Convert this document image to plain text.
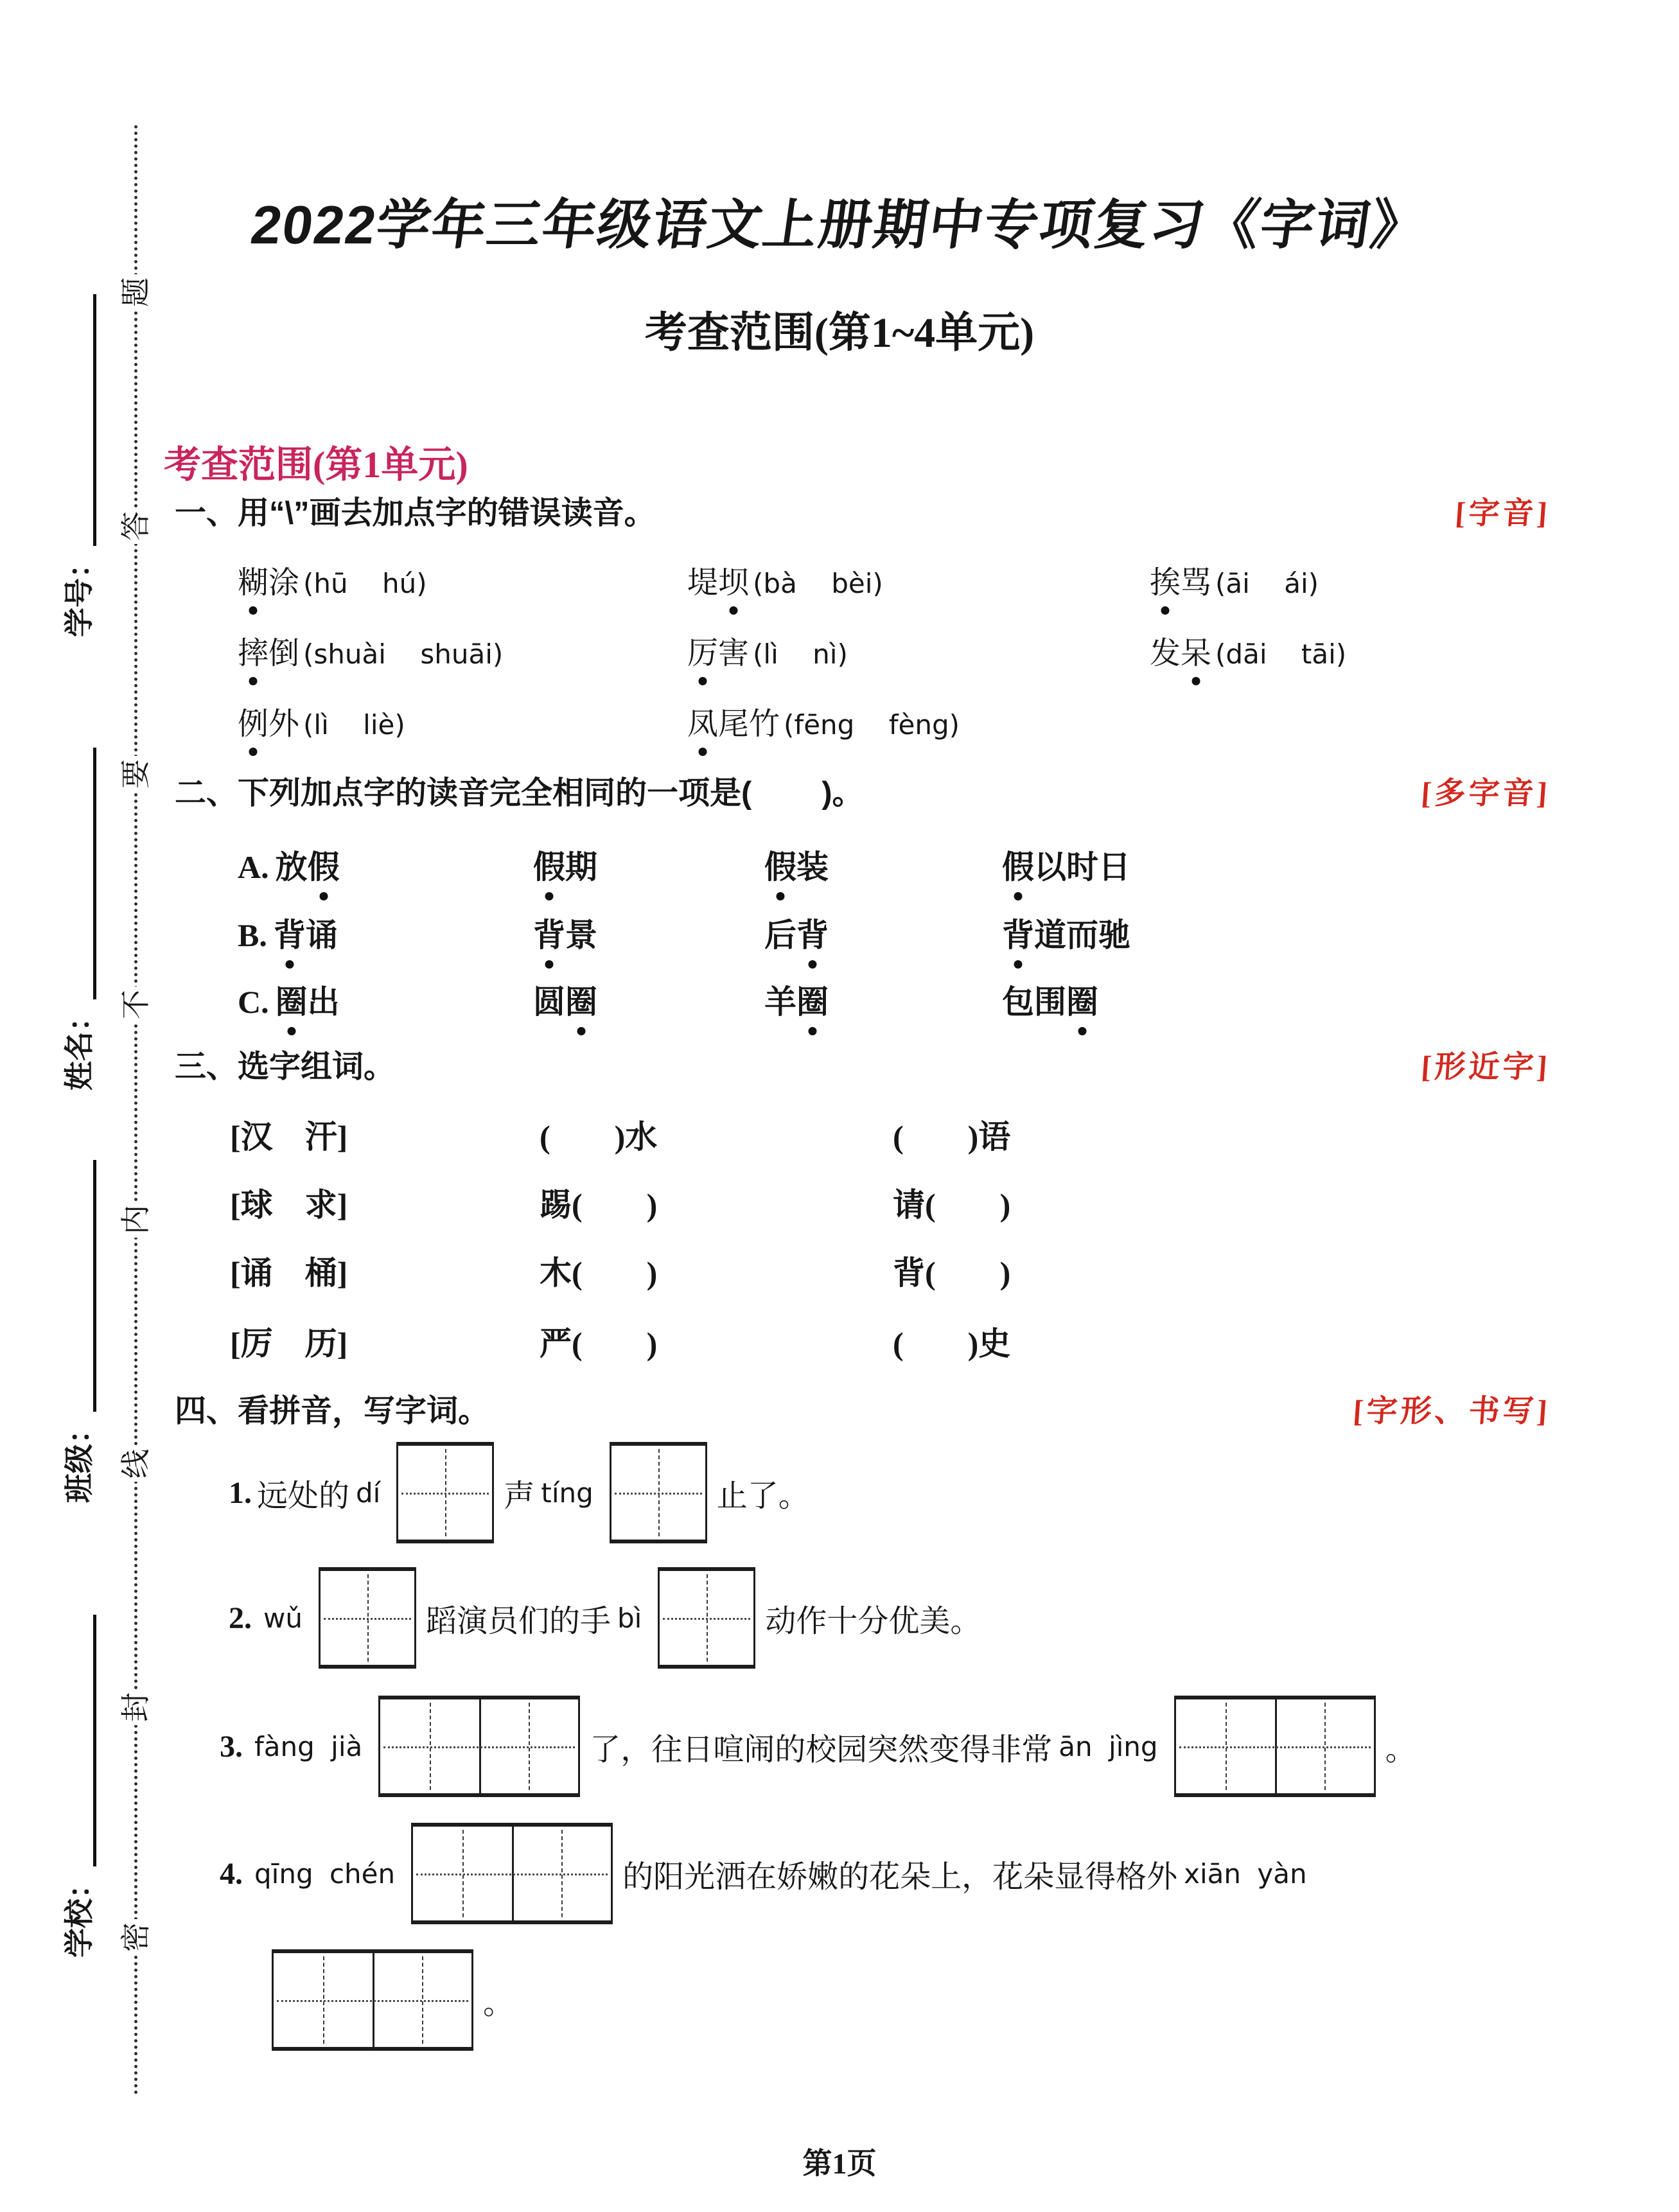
题
答
要
不
内
线
封
密
学号：
姓名：
班级：
学校：
2022学年三年级语文上册期中专项复习《字词》
考查范围(第1~4单元)
考查范围(第1单元)
一、用“\”画去加点字的错误读音。	[字音]
糊涂 (hū    hú)	堤坝 (bà    bèi)	挨骂 (āi    ái)
摔倒 (shuài    shuāi)	厉害 (lì    nì)	发呆 (dāi    tāi)
例外 (lì    liè)	凤尾竹 (fēng    fèng)
二、下列加点字的读音完全相同的一项是(        )。	[多字音]
A. 放假	假期	假装	假以时日
B. 背诵	背景	后背	背道而驰
C. 圈出	圆圈	羊圈	包围圈
三、选字组词。	[形近字]
[汉　汗]	(        )水	(        )语
[球　求]	踢(        )	请(        )
[诵　桶]	木(        )	背(        )
[厉　历]	严(        )	(        )史
四、看拼音，写字词。	[字形、书写]
1. 远处的 dí	声 tíng	止了。
2. wǔ	蹈演员们的手 bì	动作十分优美。
3. fàng jià	了，往日喧闹的校园突然变得非常 ān jìng	。
4. qīng chén	的阳光洒在娇嫩的花朵上，花朵显得格外 xiān yàn
。
第1页
